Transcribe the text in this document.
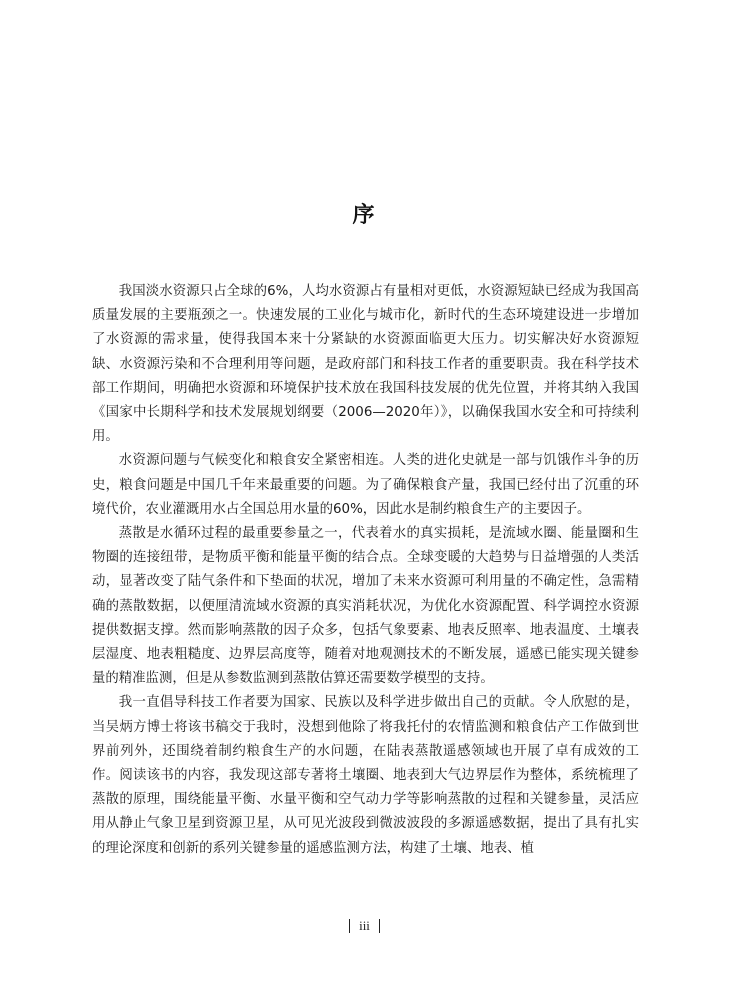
序

我国淡水资源只占全球的6%，人均水资源占有量相对更低，水资源短缺已经成为我国高质量发展的主要瓶颈之一。快速发展的工业化与城市化，新时代的生态环境建设进一步增加了水资源的需求量，使得我国本来十分紧缺的水资源面临更大压力。切实解决好水资源短缺、水资源污染和不合理利用等问题，是政府部门和科技工作者的重要职责。我在科学技术部工作期间，明确把水资源和环境保护技术放在我国科技发展的优先位置，并将其纳入我国《国家中长期科学和技术发展规划纲要（2006—2020年）》，以确保我国水安全和可持续利用。

水资源问题与气候变化和粮食安全紧密相连。人类的进化史就是一部与饥饿作斗争的历史，粮食问题是中国几千年来最重要的问题。为了确保粮食产量，我国已经付出了沉重的环境代价，农业灌溉用水占全国总用水量的60%，因此水是制约粮食生产的主要因子。

蒸散是水循环过程的最重要参量之一，代表着水的真实损耗，是流域水圈、能量圈和生物圈的连接纽带，是物质平衡和能量平衡的结合点。全球变暖的大趋势与日益增强的人类活动，显著改变了陆气条件和下垫面的状况，增加了未来水资源可利用量的不确定性，急需精确的蒸散数据，以便厘清流域水资源的真实消耗状况，为优化水资源配置、科学调控水资源提供数据支撑。然而影响蒸散的因子众多，包括气象要素、地表反照率、地表温度、土壤表层湿度、地表粗糙度、边界层高度等，随着对地观测技术的不断发展，遥感已能实现关键参量的精准监测，但是从参数监测到蒸散估算还需要数学模型的支持。

我一直倡导科技工作者要为国家、民族以及科学进步做出自己的贡献。令人欣慰的是，当吴炳方博士将该书稿交于我时，没想到他除了将我托付的农情监测和粮食估产工作做到世界前列外，还围绕着制约粮食生产的水问题，在陆表蒸散遥感领域也开展了卓有成效的工作。阅读该书的内容，我发现这部专著将土壤圈、地表到大气边界层作为整体，系统梳理了蒸散的原理，围绕能量平衡、水量平衡和空气动力学等影响蒸散的过程和关键参量，灵活应用从静止气象卫星到资源卫星，从可见光波段到微波波段的多源遥感数据，提出了具有扎实的理论深度和创新的系列关键参量的遥感监测方法，构建了土壤、地表、植

iii
